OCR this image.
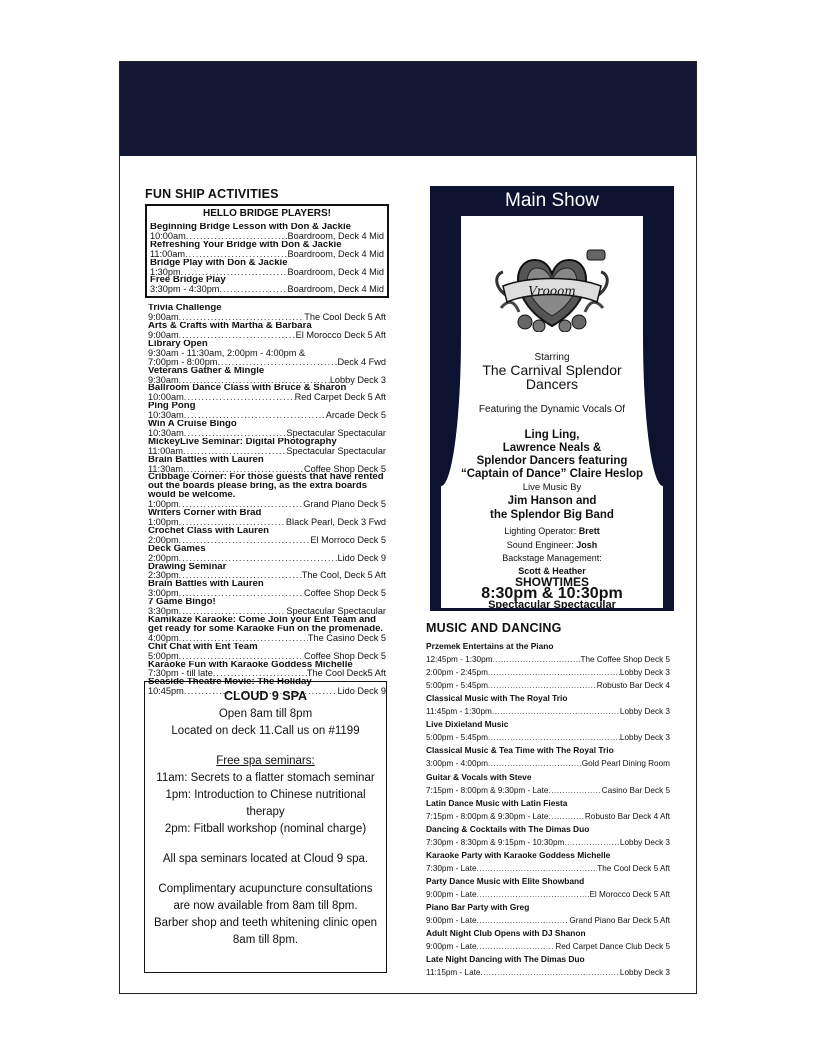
FUN SHIP ACTIVITIES
HELLO BRIDGE PLAYERS!
Beginning Bridge Lesson with Don & Jackie
10:00am .....	Boardroom, Deck 4 Mid
Refreshing Your Bridge with Don & Jackie
11:00am .....	Boardroom, Deck 4 Mid
Bridge Play with Don & Jackie
1:30pm .....	Boardroom, Deck 4 Mid
Free Bridge Play
3:30pm - 4:30pm .....	Boardroom, Deck 4 Mid
Trivia Challenge
9:00am .....	The Cool Deck 5 Aft
Arts & Crafts with Martha & Barbara
9:00am .....	El Morocco Deck 5 Aft
Library Open
9:30am - 11:30am, 2:00pm - 4:00pm &
7:00pm - 8:00pm .....	Deck 4 Fwd
Veterans Gather & Mingle
9:30am .....	Lobby Deck 3
Ballroom Dance Class with Bruce & Sharon
10:00am .....	Red Carpet Deck 5 Aft
Ping Pong
10:30am .....	Arcade Deck 5
Win A Cruise Bingo
10:30am .....	Spectacular Spectacular
MickeyLive Seminar: Digital Photography
11:00am .....	Spectacular Spectacular
Brain Battles with Lauren
11:30am .....	Coffee Shop Deck 5
Cribbage Corner: For those guests that have rented
out the boards please bring, as the extra boards
would be welcome.
1:00pm .....	Grand Piano Deck 5
Writers Corner with Brad
1:00pm .....	Black Pearl, Deck 3 Fwd
Crochet Class with Lauren
2:00pm .....	El Morroco Deck 5
Deck Games
2:00pm .....	Lido Deck 9
Drawing Seminar
2:30pm .....	The Cool, Deck 5 Aft
Brain Battles with Lauren
3:00pm .....	Coffee Shop Deck 5
7 Game Bingo!
3:30pm .....	Spectacular Spectacular
Kamikaze Karaoke: Come Join your Ent Team and
get ready for some Karaoke Fun on the promenade.
4:00pm .....	The Casino Deck 5
Chit Chat with Ent Team
5:00pm .....	Coffee Shop Deck 5
Karaoke Fun with Karaoke Goddess Michelle
7:30pm - till late .....	The Cool Deck5 Aft
Seaside Theatre Movie: The Holiday
10:45pm .....	Lido Deck 9
CLOUD 9 SPA
Open 8am till 8pm
Located on deck 11.Call us on #1199
Free spa seminars:
11am: Secrets to a flatter stomach seminar
1pm: Introduction to Chinese nutritional therapy
2pm: Fitball workshop (nominal charge)
All spa seminars located at Cloud 9 spa.
Complimentary acupuncture consultations are now available from 8am till 8pm.
Barber shop and teeth whitening clinic open 8am till 8pm.
Main Show
Vrooom
Starring
The Carnival Splendor
Dancers
Featuring the Dynamic Vocals Of
Ling Ling,
Lawrence Neals &
Splendor Dancers featuring
“Captain of Dance” Claire Heslop
Live Music By
Jim Hanson and
the Splendor Big Band
Lighting Operator: Brett
Sound Engineer: Josh
Backstage Management:
Scott & Heather
SHOWTIMES
8:30pm & 10:30pm
Spectacular Spectacular
MUSIC AND DANCING
Przemek Entertains at the Piano
12:45pm - 1:30pm .....	The Coffee Shop Deck 5
2:00pm - 2:45pm .....	Lobby Deck 3
5:00pm - 5:45pm .....	Robusto Bar Deck 4
Classical Music with The Royal Trio
11:45pm - 1:30pm .....	Lobby Deck 3
Live Dixieland Music
5:00pm - 5:45pm .....	Lobby Deck 3
Classical Music & Tea Time with The Royal Trio
3:00pm - 4:00pm .....	Gold Pearl Dining Room
Guitar & Vocals with Steve
7:15pm - 8:00pm & 9:30pm - Late .....	Casino Bar Deck 5
Latin Dance Music with Latin Fiesta
7:15pm - 8:00pm & 9:30pm - Late .....	Robusto Bar Deck 4 Aft
Dancing & Cocktails with The Dimas Duo
7:30pm - 8:30pm & 9:15pm - 10:30pm .....	Lobby Deck 3
Karaoke Party with Karaoke Goddess Michelle
7:30pm - Late .....	The Cool Deck 5 Aft
Party Dance Music with Elite Showband
9:00pm - Late .....	El Morocco Deck 5 Aft
Piano Bar Party with Greg
9:00pm - Late .....	Grand Piano Bar Deck 5 Aft
Adult Night Club Opens with DJ Shanon
9:00pm - Late .....	Red Carpet Dance Club Deck 5
Late Night Dancing with The Dimas Duo
11:15pm - Late .....	Lobby Deck 3
